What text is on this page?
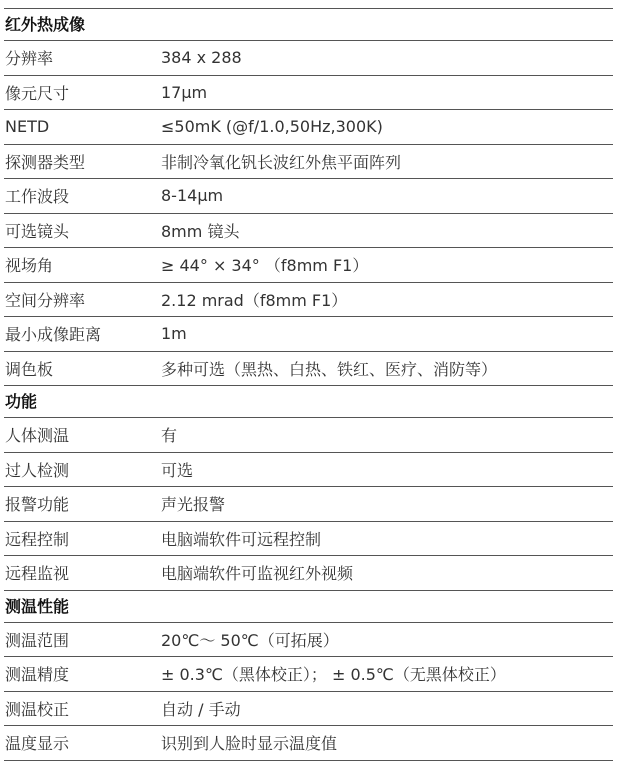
红外热成像
分辨率	384 x 288
像元尺寸	17μm
NETD	≤50mK (@f/1.0,50Hz,300K)
探测器类型	非制冷氧化钒长波红外焦平面阵列
工作波段	8-14μm
可选镜头	8mm 镜头
视场角	≥ 44° × 34° （f8mm F1）
空间分辨率	2.12 mrad（f8mm F1）
最小成像距离	1m
调色板	多种可选（黑热、白热、铁红、医疗、消防等）
功能
人体测温	有
过人检测	可选
报警功能	声光报警
远程控制	电脑端软件可远程控制
远程监视	电脑端软件可监视红外视频
测温性能
测温范围	20℃～ 50℃（可拓展）
测温精度	± 0.3℃（黑体校正）； ± 0.5℃（无黑体校正）
测温校正	自动 / 手动
温度显示	识别到人脸时显示温度值
